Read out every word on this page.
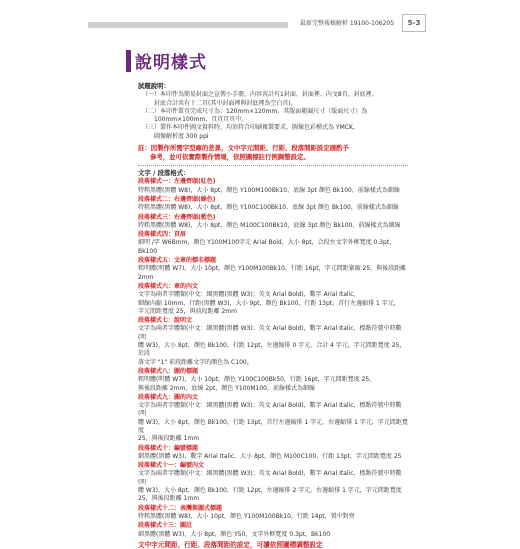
最新完整報稿解析 19100-106205	5-3
說明樣式
試題說明：
（一）本印件為簡易封面之宣傳小手冊，內容共計有1封面、封面裡、內文8頁、封底裡、
封底合計共有十二頁(其中封面裡與封底裡為空白頁)。
（二）本印件單頁完成尺寸為：120mm×120mm，其版面範圍尺寸（版面尺寸）為
100mm×100mm，頁頁頁頁中。
（三）製作本印件圖文資料時，均須符合印刷複製要求，圖像色彩模式為 YMCK，
圖像解析度 300 ppi
註：因製作所需字型庫的差異，文中字元間距、行距、段落間距設定請酌予
參考，並可依實際製作情境，依照圖標註行例調整設定。
文字 / 段落格式：
段落樣式一：左邊齊頭(紅色)
特粗黑體(黑體 W8)，大小 8pt，顏色 Y100M100Bk10，底線 3pt 顏色 Bk100，前線樣式為細線
段落樣式二：右邊齊頭(綠色)
特粗黑體(黑體 W8)，大小 8pt，顏色 Y100C100Bk10，底線 3pt 顏色 Bk100，前線樣式為細線
段落樣式三：右邊齊頭(藍色)
特粗黑體(黑體 W8)，大小 8pt，顏色 M100C100Bk10，底線 3pt 顏色 Bk100，前線樣式為細線
段落樣式四：頁眉
細明 /字 W6Bmm，顏色 Y100M100字元 Arial Bold，大小 8pt，合段左文字外框寬度 0.3pt，Bk100
段落樣式五：文章的標名標題
粗明體(明體 W7)，大小 10pt，顏色 Y100M100Bk10，行距 16pt，字元間距緊縮 25，與後段距離 2mm
段落樣式六：章的內文
文字為兩者字體類(中文：細黑體(黑體 W3)；英文 Arial Bold)，數字 Arial Italic，
細線內縮 10mm，行距(黑體 W3)，大小 9pt，顏色 Bk100，行距 13pt，首行左邊縮排 1 字元，
字元間距寬度 25，與前段距離 2mm
段落樣式七：說明文
文字為兩者字體類(中文：細黑體(黑體 W3)；英文 Arial Bold)，數字 Arial Italic，標點符號中時數(明
體 W3)，大小 8pt，顏色 Bk100，行距 12pt，左邊縮排 0 字元，合計 4 字元，字元間距寬度 25，於段
落文字 "1" 前段距離文字的顏色為 C100。
段落樣式八：圖的標題
粗明體(明體 W7)，大小 10pt，顏色 Y100C100Bk50，行距 16pt，字元間距寬度 25，
與後段距離 2mm，底線 2pt，顏色 Y100M100，前線樣式為細線
段落樣式九：圖的內文
文字為兩者字體類(中文：細黑體(黑體 W3)；英文 Arial Bold)，數字 Arial Italic，標點符號中時數(明
體 W3)，大小 8pt，顏色 Bk100，行距 13pt，首行左邊縮排 1 字元，右邊縮排 1 字元，字元間距寬度
25，與後段距離 1mm
段落樣式十：編號標題
細黑體(黑體 W3)，數字 Arial Italic，大小 8pt，顏色 M100C100，行距 13pt，字元間距寬度 25
段落樣式十一：編號內文
文字為兩者字體類(中文：細黑體(黑體 W3)；英文 Arial Bold)，數字 Arial Italic，標點符號中時數(明
體 W3)，大小 8pt，顏色 Bk100，行距 12pt，左邊縮排 2 字元，右邊縮排 1 字元，字元間距寬度 25，與後段距離 1mm
段落樣式十二：表灣與圖式標題
特粗黑體(黑體 W8)，大小 10pt，顏色 Y100M100Bk10，行距 14pt，置中對齊
段落樣式十三：圖註
細黑體(黑體 W3)，大小 8pt，顏色 Y50，文字外框寬度 0.3pt，Bk100
文中字元間距、行距、段落間距的設定，可讀依照圖標調整設定
